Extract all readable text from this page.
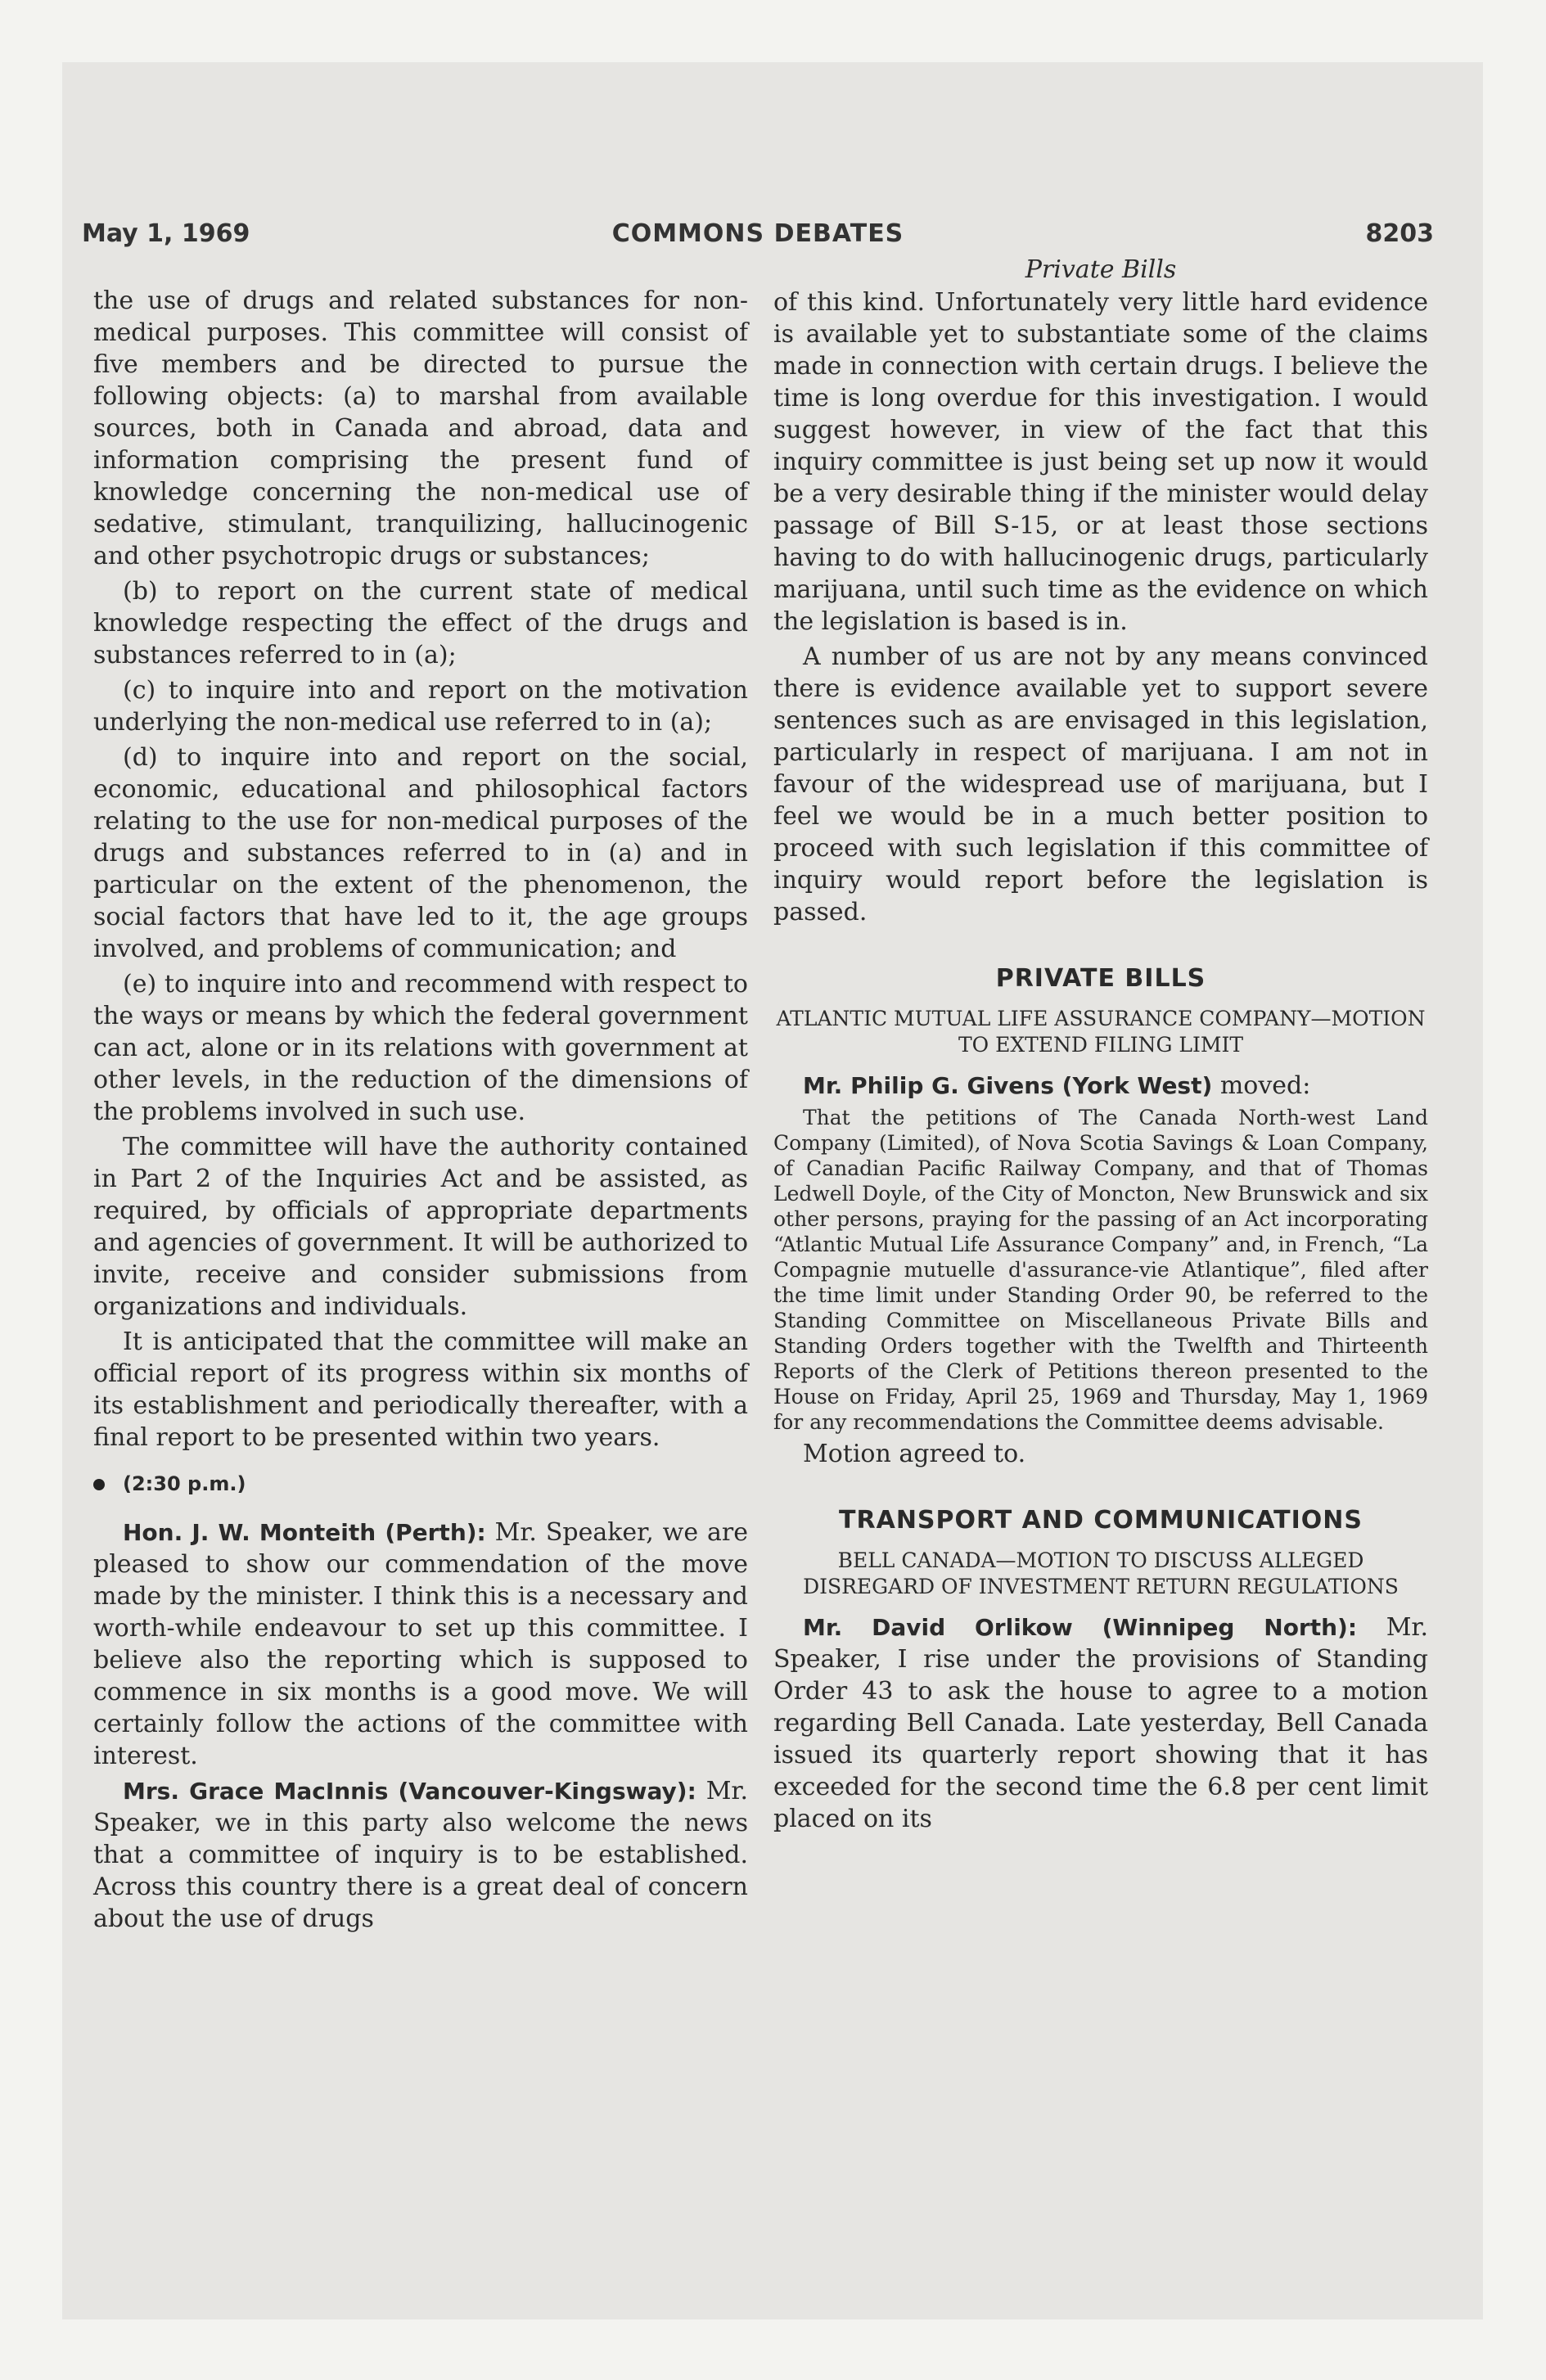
May 1, 1969	COMMONS DEBATES	8203

the use of drugs and related substances for non-medical purposes. This committee will consist of five members and be directed to pursue the following objects: (a) to marshal from available sources, both in Canada and abroad, data and information comprising the present fund of knowledge concerning the non-medical use of sedative, stimulant, tranquilizing, hallucinogenic and other psychotropic drugs or substances;

(b) to report on the current state of medical knowledge respecting the effect of the drugs and substances referred to in (a);

(c) to inquire into and report on the motivation underlying the non-medical use referred to in (a);

(d) to inquire into and report on the social, economic, educational and philosophical factors relating to the use for non-medical purposes of the drugs and substances referred to in (a) and in particular on the extent of the phenomenon, the social factors that have led to it, the age groups involved, and problems of communication; and

(e) to inquire into and recommend with respect to the ways or means by which the federal government can act, alone or in its relations with government at other levels, in the reduction of the dimensions of the problems involved in such use.

The committee will have the authority contained in Part 2 of the Inquiries Act and be assisted, as required, by officials of appropriate departments and agencies of government. It will be authorized to invite, receive and consider submissions from organizations and individuals.

It is anticipated that the committee will make an official report of its progress within six months of its establishment and periodically thereafter, with a final report to be presented within two years.

(2:30 p.m.)

Hon. J. W. Monteith (Perth): Mr. Speaker, we are pleased to show our commendation of the move made by the minister. I think this is a necessary and worth-while endeavour to set up this committee. I believe also the reporting which is supposed to commence in six months is a good move. We will certainly follow the actions of the committee with interest.

Mrs. Grace MacInnis (Vancouver-Kingsway): Mr. Speaker, we in this party also welcome the news that a committee of inquiry is to be established. Across this country there is a great deal of concern about the use of drugs

Private Bills

of this kind. Unfortunately very little hard evidence is available yet to substantiate some of the claims made in connection with certain drugs. I believe the time is long overdue for this investigation. I would suggest however, in view of the fact that this inquiry committee is just being set up now it would be a very desirable thing if the minister would delay passage of Bill S-15, or at least those sections having to do with hallucinogenic drugs, particularly marijuana, until such time as the evidence on which the legislation is based is in.

A number of us are not by any means convinced there is evidence available yet to support severe sentences such as are envisaged in this legislation, particularly in respect of marijuana. I am not in favour of the widespread use of marijuana, but I feel we would be in a much better position to proceed with such legislation if this committee of inquiry would report before the legislation is passed.

PRIVATE BILLS
ATLANTIC MUTUAL LIFE ASSURANCE COMPANY—MOTION TO EXTEND FILING LIMIT

Mr. Philip G. Givens (York West) moved:

That the petitions of The Canada North-west Land Company (Limited), of Nova Scotia Savings & Loan Company, of Canadian Pacific Railway Company, and that of Thomas Ledwell Doyle, of the City of Moncton, New Brunswick and six other persons, praying for the passing of an Act incorporating “Atlantic Mutual Life Assurance Company” and, in French, “La Compagnie mutuelle d'assurance-vie Atlantique”, filed after the time limit under Standing Order 90, be referred to the Standing Committee on Miscellaneous Private Bills and Standing Orders together with the Twelfth and Thirteenth Reports of the Clerk of Petitions thereon presented to the House on Friday, April 25, 1969 and Thursday, May 1, 1969 for any recommendations the Committee deems advisable.

Motion agreed to.

TRANSPORT AND COMMUNICATIONS
BELL CANADA—MOTION TO DISCUSS ALLEGED DISREGARD OF INVESTMENT RETURN REGULATIONS

Mr. David Orlikow (Winnipeg North): Mr. Speaker, I rise under the provisions of Standing Order 43 to ask the house to agree to a motion regarding Bell Canada. Late yesterday, Bell Canada issued its quarterly report showing that it has exceeded for the second time the 6.8 per cent limit placed on its
